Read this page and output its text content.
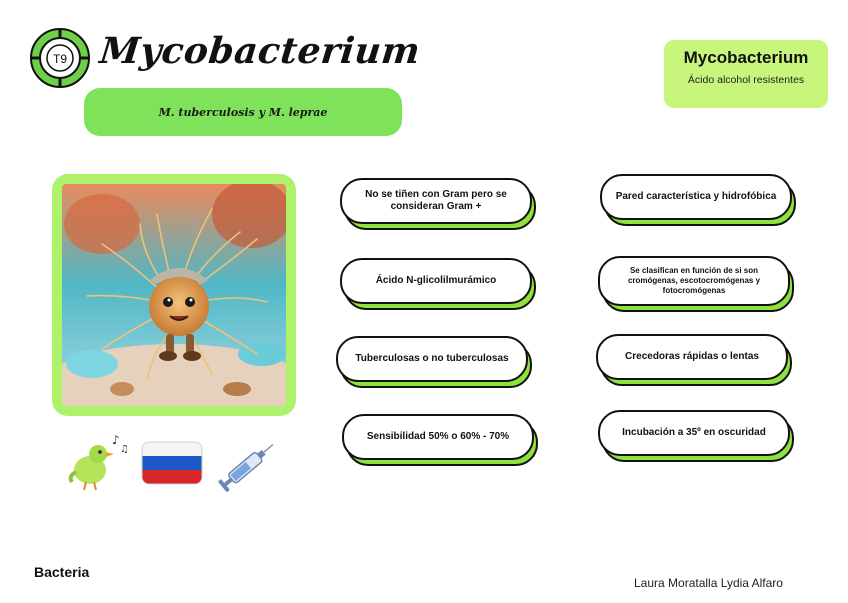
T9 Mycobacterium
M. tuberculosis y M. leprae
Mycobacterium
Ácido alcohol resistentes
♪
♫
No se tiñen con Gram pero se consideran Gram +
Ácido N-glicolilmurámico
Tuberculosas o no tuberculosas
Sensibilidad 50% o 60% - 70%
Pared característica y hidrofóbica
Se clasifican en función de si son cromógenas, escotocromógenas y fotocromógenas
Crecedoras rápidas o lentas
Incubación a 35º en oscuridad
Bacteria
Laura Moratalla Lydia Alfaro
